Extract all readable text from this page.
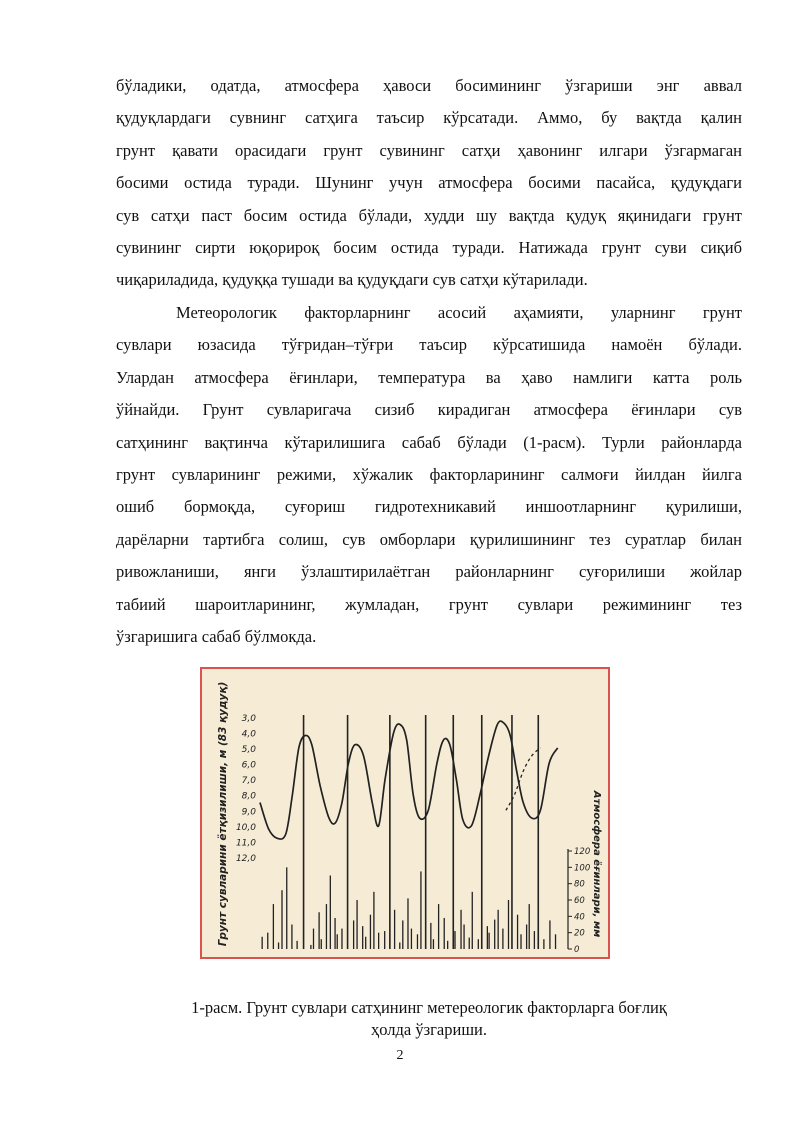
бўладики, одатда, атмосфера ҳавоси босимининг ўзгариши энг аввал
қудуқлардаги сувнинг сатҳига таъсир кўрсатади. Аммо, бу вақтда қалин
грунт қавати орасидаги грунт сувининг сатҳи ҳавонинг илгари ўзгармаган
босими остида туради. Шунинг учун атмосфера босими пасайса, қудуқдаги
сув сатҳи паст босим остида бўлади, худди шу вақтда қудуқ яқинидаги грунт
сувининг сирти юқорироқ босим остида туради. Натижада грунт суви сиқиб
чиқариладида, қудуққа тушади ва қудуқдаги сув сатҳи кўтарилади.
Метеорологик факторларнинг асосий аҳамияти, уларнинг грунт
сувлари юзасида тўғридан–тўғри таъсир кўрсатишида намоён бўлади.
Улардан атмосфера ёғинлари, температура ва ҳаво намлиги катта роль
ўйнайди. Грунт сувларигача сизиб кирадиган атмосфера ёғинлари сув
сатҳининг вақтинча кўтарилишига сабаб бўлади (1-расм). Турли районларда
грунт сувларининг режими, хўжалик факторларининг салмоғи йилдан йилга
ошиб бормоқда, суғориш гидротехникавий иншоотларнинг қурилиши,
дарёларни тартибга солиш, сув омборлари қурилишининг тез суратлар билан
ривожланиши, янги ўзлаштирилаётган районларнинг суғорилиши жойлар
табиий шароитларининг, жумладан, грунт сувлари режимининг тез
ўзгаришига сабаб бўлмокда.
Грунт сувларини ётқизилиши, м (83 қудуқ)	Атмосфера ёғинлари, мм
3,0
4,0
5,0
6,0
7,0
8,0
9,0
10,0
11,0
12,0
120
100
80
60
40
20
0
1-расм. Грунт сувлари сатҳининг метереологик факторларга боғлиқ
ҳолда ўзгариши.
2
